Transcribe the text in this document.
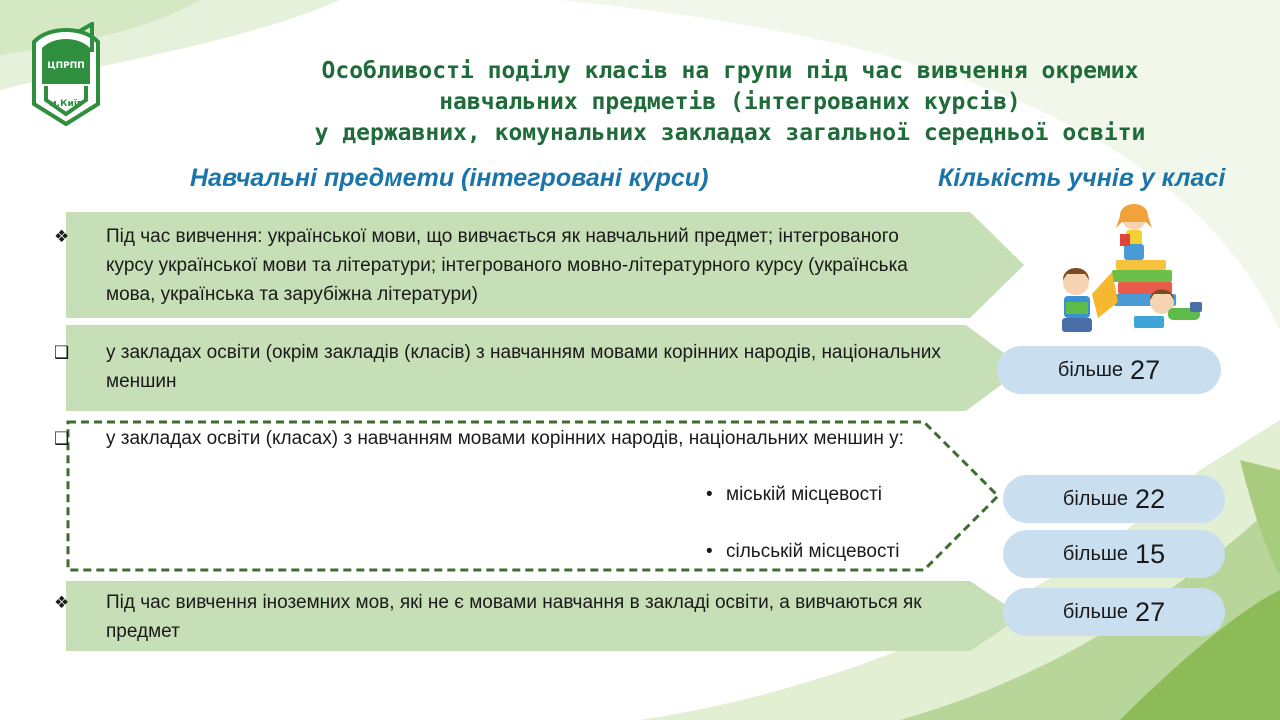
ЦПРПП
м.Київ
Особливості поділу класів на групи під час вивчення окремих
навчальних предметів (інтегрованих курсів)
у державних, комунальних закладах загальної середньої освіти
Навчальні предмети (інтегровані курси)	Кількість учнів у класі
❖ Під час вивчення: української мови, що вивчається як навчальний предмет; інтегрованого курсу української мови та літератури; інтегрованого мовно-літературного курсу (українська мова, українська та зарубіжна літератури)
❑ у закладах освіти (окрім закладів (класів) з навчанням мовами корінних народів, національних меншин
❑ у закладах освіти (класах) з навчанням мовами корінних народів, національних меншин у:
• міській місцевості
• сільській місцевості
❖ Під час вивчення іноземних мов, які не є мовами навчання в закладі освіти, а вивчаються як предмет
більше 27
більше 22
більше 15
більше 27
